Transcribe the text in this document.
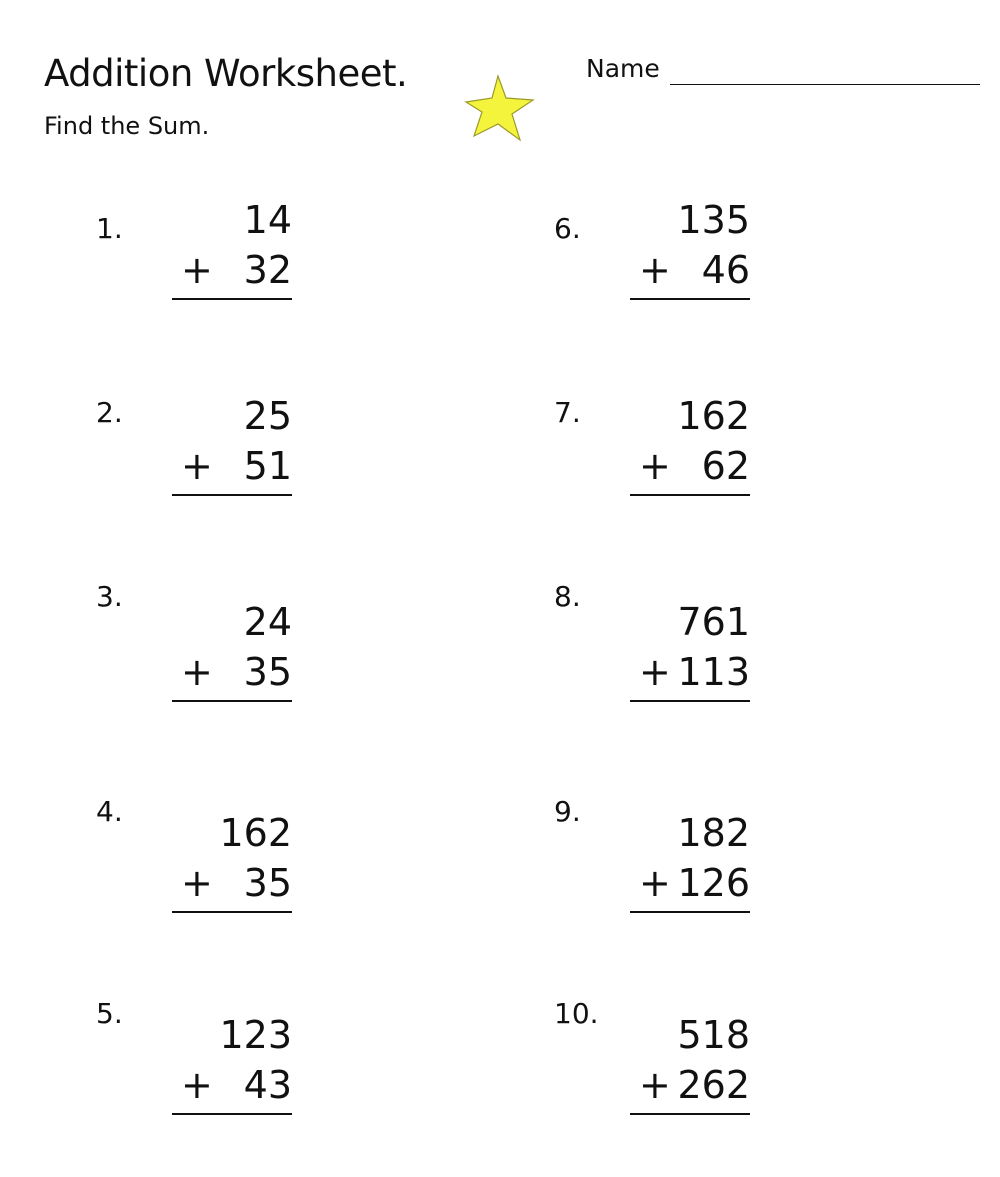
Addition Worksheet.

Find the Sum.

Name
1.	14
+ 32
2.	25
+ 51
3.
24
+ 35
4.	162
+ 35
5.	123
+ 43
6.	135
+ 46
7.	162
+ 62
8.
761
+ 113
9.	182
+ 126
10. 518
+ 262
